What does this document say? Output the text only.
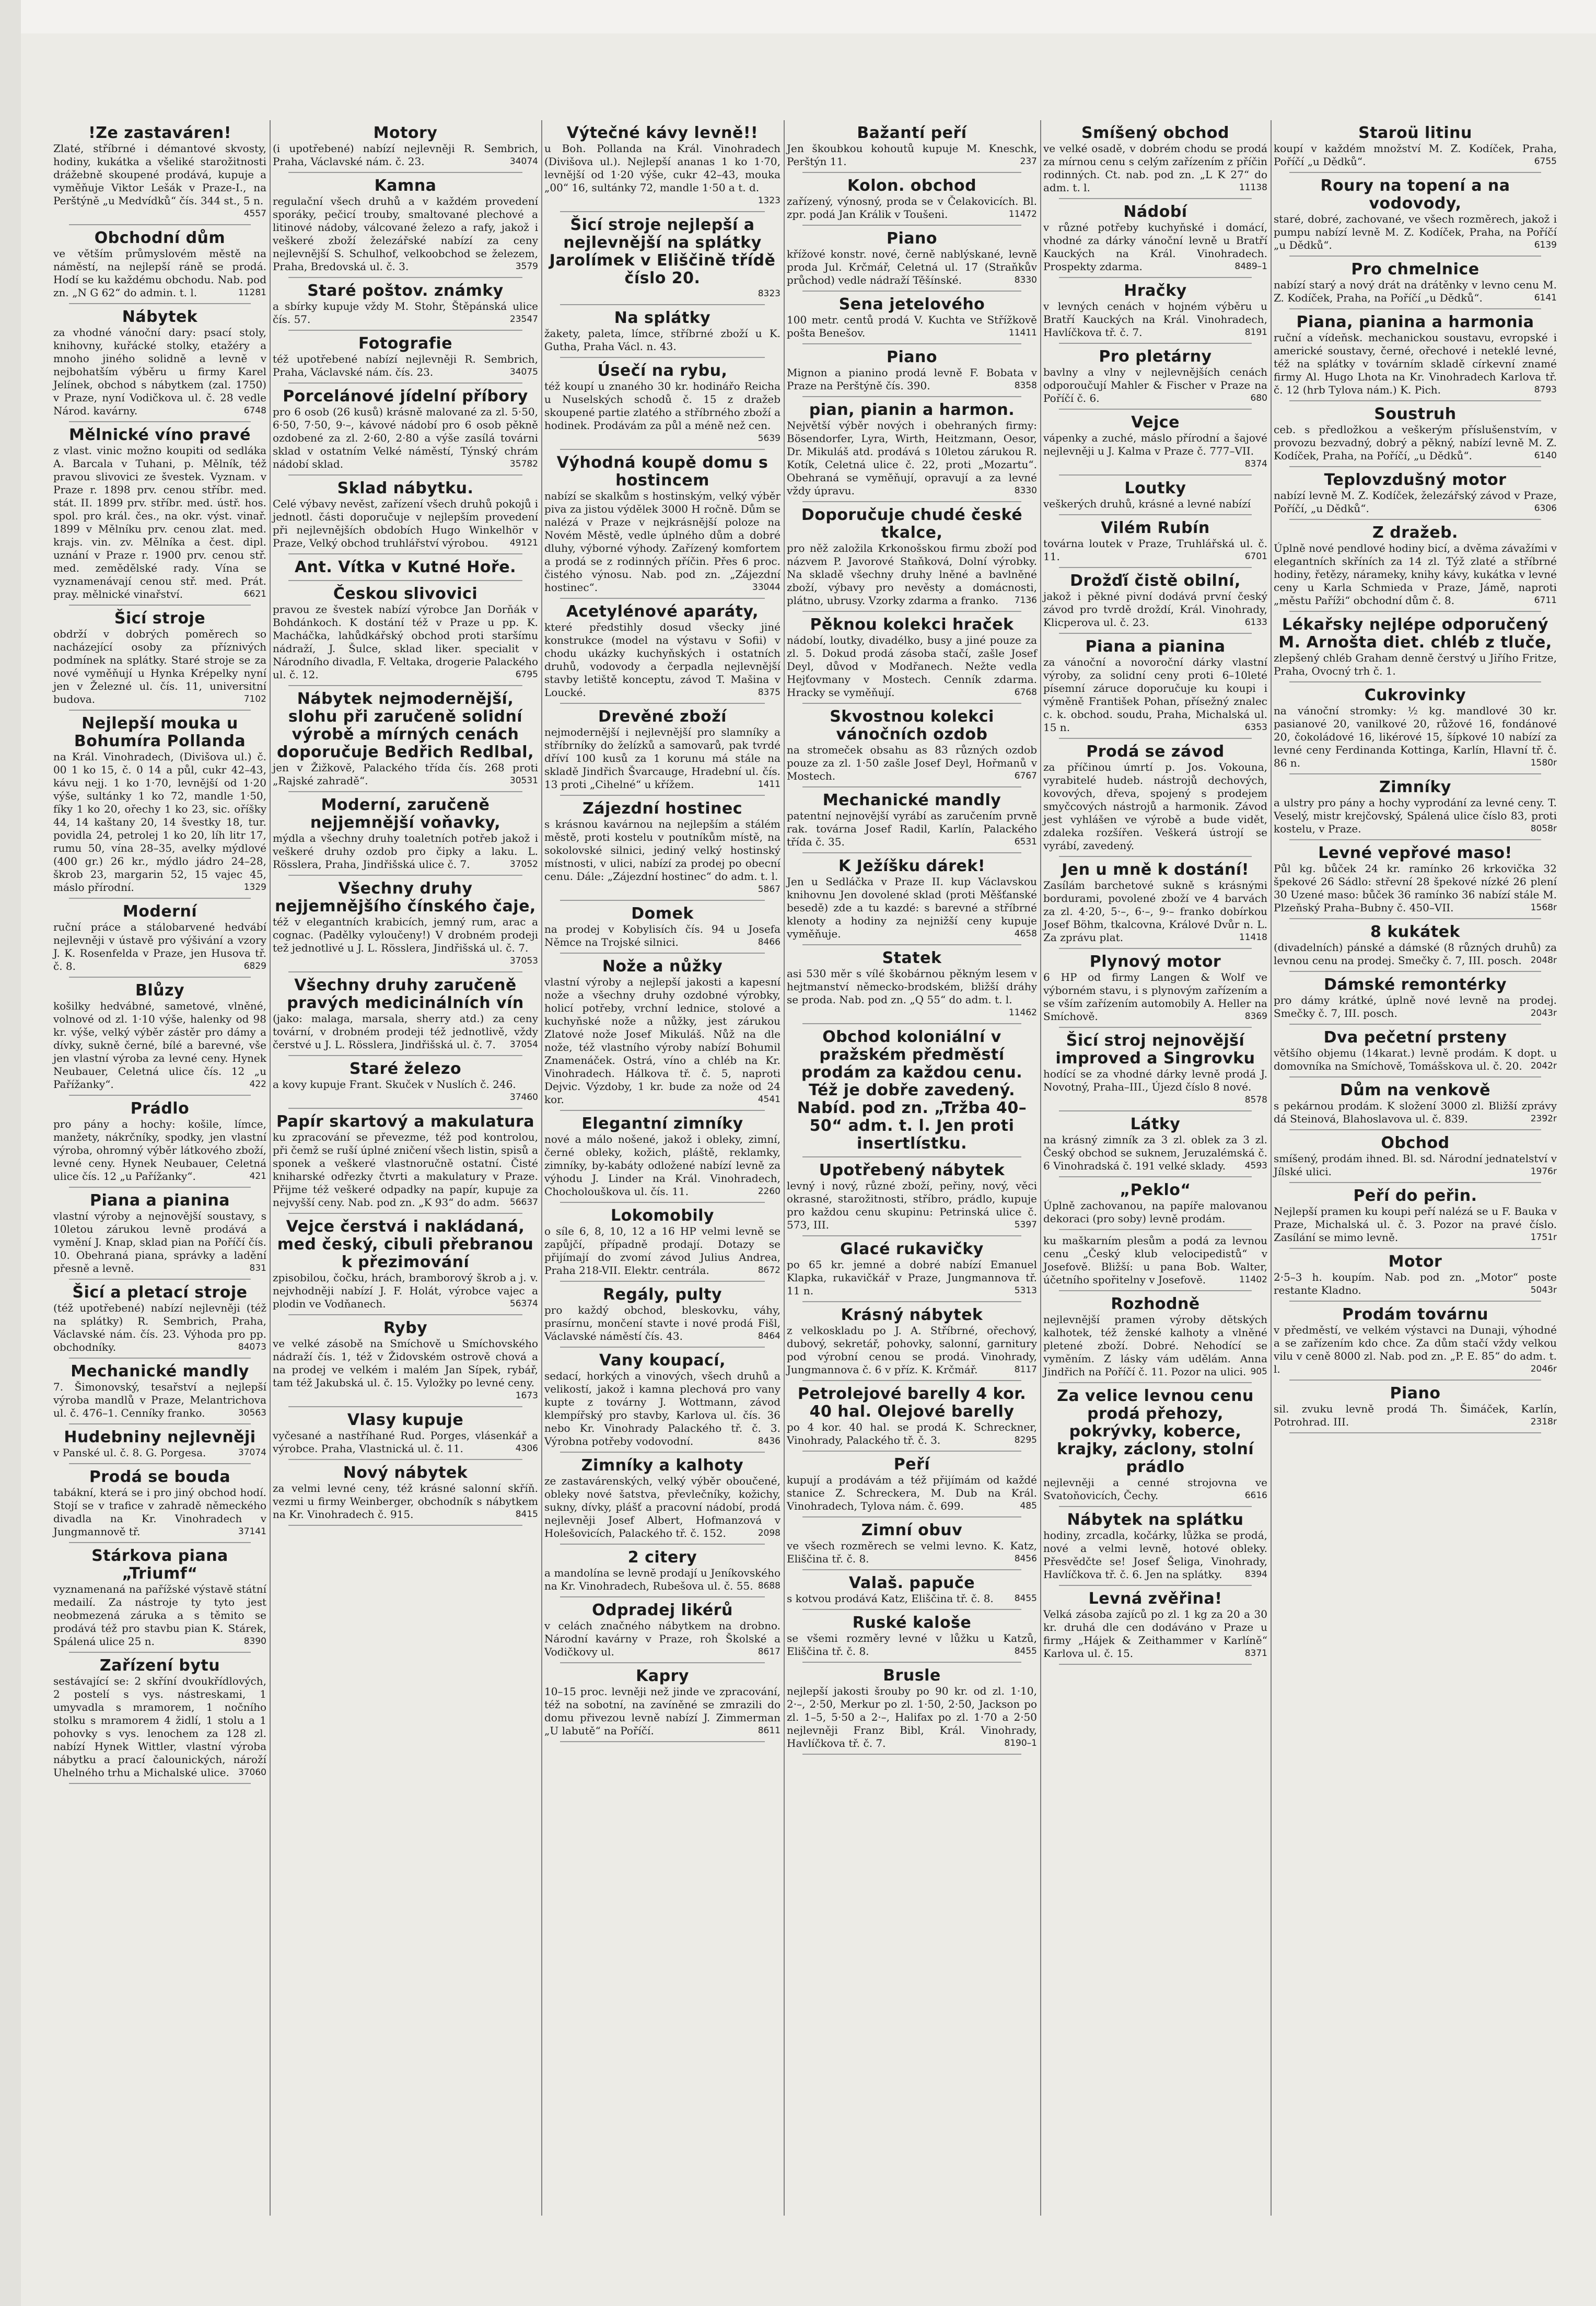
!Ze zastaváren!
Zlaté, stříbrné i démantové skvosty, hodiny, kukátka a všeliké starožitnosti drážebně skoupené prodává, kupuje a vyměňuje Viktor Lešák v Praze-I., na Perštýně „u Medvídků“ čís. 344 st., 5 n.
4557
Obchodní dům
ve větším průmyslovém městě na náměstí, na nejlepší ráně se prodá. Hodí se ku každému obchodu. Nab. pod zn. „N G 62“ do admin. t. l.	11281
Nábytek
za vhodné vánoční dary: psací stoly, knihovny, kuřácké stolky, etažéry a mnoho jiného solidně a levně v nejbohatším výběru u firmy Karel Jelínek, obchod s nábytkem (zal. 1750) v Praze, nyní Vodičkova ul. č. 28 vedle Národ. kavárny.	6748
Mělnické víno pravé
z vlast. vinic možno koupiti od sedláka A. Barcala v Tuhani, p. Mělník, též pravou slivovici ze švestek. Vyznam. v Praze r. 1898 prv. cenou stříbr. med. stát. II. 1899 prv. stříbr. med. ústř. hos. spol. pro král. čes., na okr. výst. vinař. 1899 v Mělníku prv. cenou zlat. med. krajs. vin. zv. Mělníka a čest. dipl. uznání v Praze r. 1900 prv. cenou stř. med. zemědělské rady. Vína se vyznamenávají cenou stř. med. Prát. pray. mělnické vinařství.	6621
Šicí stroje
obdrží v dobrých poměrech so nacházející osoby za příznivých podmínek na splátky. Staré stroje se za nové vyměňují u Hynka Krépelky nyní jen v Železné ul. čís. 11, universitní budova.	7102
Nejlepší mouka u Bohumíra Pollanda
na Král. Vinohradech, (Divišova ul.) č. 00 1 ko 15, č. 0 14 a půl, cukr 42–43, kávu nejj. 1 ko 1·70, levnější od 1·20 výše, sultánky 1 ko 72, mandle 1·50, fíky 1 ko 20, ořechy 1 ko 23, sic. oříšky 44, 14 kaštany 20, 14 švestky 18, tur. povidla 24, petrolej 1 ko 20, líh litr 17, rumu 50, vína 28–35, avelky mýdlové (400 gr.) 26 kr., mýdlo jádro 24–28, škrob 23, margarin 52, 15 vajec 45, máslo přírodní.	1329
Moderní
ruční práce a stálobarvené hedvábí nejlevněji v ústavě pro výšivání a vzory J. K. Rosenfelda v Praze, jen Husova tř. č. 8.	6829
Blůzy
košilky hedvábné, sametové, vlněné, volnové od zl. 1·10 výše, halenky od 98 kr. výše, velký výběr zástěr pro dámy a dívky, sukně černé, bílé a barevné, vše jen vlastní výroba za levné ceny. Hynek Neubauer, Celetná ulice čís. 12 „u Pařížanky“.	422
Prádlo
pro pány a hochy: košile, límce, manžety, nákrčníky, spodky, jen vlastní výroba, ohromný výběr látkového zboží, levné ceny. Hynek Neubauer, Celetná ulice čís. 12 „u Pařížanky“.	421
Piana a pianina
vlastní výroby a nejnovější soustavy, s 10letou zárukou levně prodává a vymění J. Knap, sklad pian na Poříčí čís. 10. Obehraná piana, správky a ladění přesně a levně.	831
Šicí a pletací stroje
(též upotřebené) nabízí nejlevněji (též na splátky) R. Sembrich, Praha, Václavské nám. čís. 23. Výhoda pro pp. obchodníky.	84073
Mechanické mandly
7. Šimonovský, tesařství a nejlepší výroba mandlů v Praze, Melantrichova ul. č. 476–1. Cenníky franko.	30563
Hudebniny nejlevněji
v Panské ul. č. 8. G. Porgesa.	37074
Prodá se bouda
tabákní, která se i pro jiný obchod hodí. Stojí se v trafice v zahradě německého divadla na Kr. Vinohradech v Jungmannově tř.	37141
Stárkova piana „Triumf“
vyznamenaná na pařížské výstavě státní medailí. Za nástroje ty tyto jest neobmezená záruka a s těmito se prodává též pro stavbu pian K. Stárek, Spálená ulice 25 n.	8390
Zařízení bytu
sestávající se: 2 skříní dvoukřídlových, 2 postelí s vys. nástreskami, 1 umyvadla s mramorem, 1 nočního stolku s mramorem 4 židlí, 1 stolu a 1 pohovky s vys. lenochem za 128 zl. nabízí Hynek Wittler, vlastní výroba nábytku a prací čalounických, nároží Uhelného trhu a Michalské ulice. 37060
Motory
(i upotřebené) nabízí nejlevněji R. Sembrich, Praha, Václavské nám. č. 23.	34074
Kamna
regulační všech druhů a v každém provedení sporáky, pečicí trouby, smaltované plechové a litinové nádoby, válcované železo a rafy, jakož i veškeré zboží železářské nabízí za ceny nejlevnější S. Schulhof, velkoobchod se železem, Praha, Bredovská ul. č. 3.	3579
Staré poštov. známky
a sbírky kupuje vždy M. Stohr, Štěpánská ulice čís. 57.	23547
Fotografie
též upotřebené nabízí nejlevněji R. Sembrich, Praha, Václavské nám. čís. 23.	34075
Porcelánové jídelní příbory
pro 6 osob (26 kusů) krásně malované za zl. 5·50, 6·50, 7·50, 9·–, kávové nádobí pro 6 osob pěkně ozdobené za zl. 2·60, 2·80 a výše zasílá továrni sklad v ostatním Velké náměstí, Týnský chrám nádobí sklad.	35782
Sklad nábytku.
Celé výbavy nevěst, zařízení všech druhů pokojů i jednotl. části doporučuje v nejlepším provedení při nejlevnějších obdobích Hugo Winkelhör v Praze, Velký obchod truhlářství výrobou. 49121
Ant. Vítka v Kutné Hoře.
Českou slivovici
pravou ze švestek nabízí výrobce Jan Dorňák v Bohdánkoch. K dostání též v Praze u pp. K. Macháčka, lahůdkářský obchod proti staršímu nádraží, J. Šulce, sklad liker. specialit v Národního divadla, F. Veltaka, drogerie Palackého ul. č. 12.	6795
Nábytek nejmodernější, slohu při zaručeně solidní výrobě a mírných cenách doporučuje Bedřich Redlbal,
jen v Žižkově, Palackého třída čís. 268 proti „Rajské zahradě“.	30531
Moderní, zaručeně nejjemnější voňavky,
mýdla a všechny druhy toaletních potřeb jakož i veškeré druhy ozdob pro čipky a laku. L. Rösslera, Praha, Jindřišská ulice č. 7.	37052
Všechny druhy nejjemnějšího čínského čaje,
též v elegantních krabicích, jemný rum, arac a cognac. (Padělky vyloučeny!) V drobném prodeji tež jednotlivé u J. L. Rösslera, Jindřišská ul. č. 7.
37053
Všechny druhy zaručeně pravých medicinálních vín
(jako: malaga, marsala, sherry atd.) za ceny tovární, v drobném prodeji též jednotlivě, vždy čerstvé u J. L. Rösslera, Jindřišská ul. č. 7. 37054
Staré železo
a kovy kupuje Frant. Skuček v Nuslích č. 246.
37460
Papír skartový a makulatura
ku zpracování se převezme, též pod kontrolou, při čemž se ruší úplné zničení všech listin, spisů a sponek a veškeré vlastnoručně ostatní. Čisté kniharské odřezky čtvrti a makulatury v Praze. Přijme též veškeré odpadky na papír, kupuje za nejvyšší ceny. Nab. pod zn. „K 93“ do adm. 56637
Vejce čerstvá i nakládaná, med český, cibuli přebranou k přezimování
zpisobilou, čočku, hrách, bramborový škrob a j. v. nejvhodněji nabízí J. F. Holát, výrobce vajec a plodin ve Vodňanech.	56374
Ryby
ve velké zásobě na Smíchově u Smíchovského nádraží čís. 1, též v Židovském ostrově chová a na prodej ve velkém i malém Jan Sípek, rybář, tam též Jakubská ul. č. 15. Vyložky po levné ceny.
1673
Vlasy kupuje
vyčesané a nastříhané Rud. Porges, vlásenkář a výrobce. Praha, Vlastnická ul. č. 11.	4306
Nový nábytek
za velmi levné ceny, též krásné salonní skříň. vezmi u firmy Weinberger, obchodník s nábytkem na Kr. Vinohradech č. 915.	8415
Výtečné kávy levně!!
u Boh. Pollanda na Král. Vinohradech (Divišova ul.). Nejlepší ananas 1 ko 1·70, levnější od 1·20 výše, cukr 42–43, mouka „00“ 16, sultánky 72, mandle 1·50 a t. d.
1323
Šicí stroje nejlepší a nejlevnější na splátky Jarolímek v Eliščině třídě číslo 20.
8323
Na splátky
žakety, paleta, límce, stříbrné zboží u K. Gutha, Praha Václ. n. 43.
Úsečí na rybu,
též koupí u znaného 30 kr. hodinářo Reicha u Nuselských schodů č. 15 z dražeb skoupené partie zlatého a stříbrného zboží a hodinek. Prodávám za půl a méně než cen.
5639
Výhodná koupě domu s hostincem
nabízí se skalkům s hostinským, velký výběr piva za jistou výdělek 3000 H ročně. Dům se nalézá v Praze v nejkrásnější poloze na Novém Městě, vedle úplného dům a dobré dluhy, výborné výhody. Zařízený komfortem a prodá se z rodinných příčin. Přes 6 proc. čistého výnosu. Nab. pod zn. „Zájezdní hostinec“.	33044
Acetylénové aparáty,
které předstihly dosud všecky jiné konstrukce (model na výstavu v Sofii) v chodu ukázky kuchyňských i ostatních druhů, vodovody a čerpadla nejlevnější stavby letiště konceptu, závod T. Mašina v Loucké.	8375
Drevěné zboží
nejmodernější i nejlevnější pro slamníky a stříbrníky do želízků a samovarů, pak tvrdé dříví 100 kusů za 1 korunu má stále na skladě Jindřich Švarcauge, Hradební ul. čís. 13 proti „Cihelné“ u křížem.	1411
Zájezdní hostinec
s krásnou kavárnou na nejlepším a stálém městě, proti kostelu v poutníkům místě, na sokolovské silnici, jediný velký hostinský místnosti, v ulici, nabízí za prodej po obecní cenu. Dále: „Zájezdní hostinec“ do adm. t. l.
5867
Domek
na prodej v Kobylisích čís. 94 u Josefa Němce na Trojské silnici.	8466
Nože a nůžky
vlastní výroby a nejlepší jakosti a kapesní nože a všechny druhy ozdobné výrobky, holicí potřeby, vrchní lednice, stolové a kuchyňské nože a nůžky, jest zárukou Zlatové nože Josef Mikuláš. Nůž na dle nože, též vlastního výroby nabízí Bohumil Znamenáček. Ostrá, víno a chléb na Kr. Vinohradech. Hálkova tř. č. 5, naproti Dejvic. Výzdoby, 1 kr. bude za nože od 24 kor.	4541
Elegantní zimníky
nové a málo nošené, jakož i obleky, zimní, černé obleky, kožich, pláště, reklamky, zimníky, by-kabáty odložené nabízí levně za výhodu J. Linder na Král. Vinohradech, Chocholouškova ul. čís. 11.	2260
Lokomobily
o síle 6, 8, 10, 12 a 16 HP velmi levně se zapůjčí, případně prodají. Dotazy se přijímají do zvomí závod Julius Andrea, Praha 218-VII. Elektr. centrála.	8672
Regály, pulty
pro každý obchod, bleskovku, váhy, prasírnu, mončení stavte i nové prodá Fišl, Václavské náměstí čís. 43.	8464
Vany koupací,
sedací, horkých a vinových, všech druhů a velikostí, jakož i kamna plechová pro vany kupte z továrny J. Wottmann, závod klempířský pro stavby, Karlova ul. čís. 36 nebo Kr. Vinohrady Palackého tř. č. 3. Výrobna potřeby vodovodní.	8436
Zimníky a kalhoty
ze zastavárenských, velký výběr oboučené, obleky nové šatstva, převlečníky, kožichy, sukny, dívky, plášť a pracovní nádobí, prodá nejlevněji Josef Albert, Hofmanzová v Holešovicích, Palackého tř. č. 152.	2098
2 citery
a mandolína se levně prodají u Jeníkovského na Kr. Vinohradech, Rubešova ul. č. 55. 8688
Odpradej likérů
v celách značného nábytkem na drobno. Národní kavárny v Praze, roh Školské a Vodičkovy ul.	8617
Kapry
10–15 proc. levněji než jinde ve zpracování, též na sobotní, na zavíněné se zmrazili do domu přivezou levně nabízí J. Zimmerman „U labutě“ na Poříčí.	8611
Bažantí peří
Jen škoubkou kohoutů kupuje M. Kneschk, Perštýn 11.	237
Kolon. obchod
zařízený, výnosný, proda se v Čelakovicích. Bl. zpr. podá Jan Králik v Toušeni.	11472
Piano
křížové konstr. nové, černě nablýskané, levně proda Jul. Krčmář, Celetná ul. 17 (Straňkův průchod) vedle nádraží Těšínské.	8330
Sena jetelového
100 metr. centů prodá V. Kuchta ve Střížkově pošta Benešov.	11411
Piano
Mignon a pianino prodá levně F. Bobata v Praze na Perštýně čís. 390.	8358
pian, pianin a harmon.
Největší výběr nových i obehraných firmy: Bösendorfer, Lyra, Wirth, Heitzmann, Oesor, Dr. Mikuláš atd. prodává s 10letou zárukou R. Kotík, Celetná ulice č. 22, proti „Mozartu“. Obehraná se vyměňují, opravují a za levné vždy úpravu.	8330
Doporučuje chudé české tkalce,
pro něž založila Krkonošskou firmu zboží pod názvem P. Javorové Staňková, Dolní výrobky. Na skladě všechny druhy lněné a bavlněné zboží, výbavy pro nevěsty a domácnosti, plátno, ubrusy. Vzorky zdarma a franko. 7136
Pěknou kolekci hraček
nádobí, loutky, divadélko, busy a jiné pouze za zl. 5. Dokud prodá zásoba stačí, zašle Josef Deyl, důvod v Modřanech. Nežte vedla Hejťovmany v Mostech. Cenník zdarma. Hracky se vyměňují.	6768
Skvostnou kolekci vánočních ozdob
na stromeček obsahu as 83 různých ozdob pouze za zl. 1·50 zašle Josef Deyl, Hořmanů v Mostech.	6767
Mechanické mandly
patentní nejnovější vyrábí as zaručením prvně rak. továrna Josef Radil, Karlín, Palackého třída č. 35.	6531
K Ježíšku dárek!
Jen u Sedláčka v Praze II. kup Václavskou knihovnu Jen dovolené sklad (proti Měšťanské besedě) zde a tu kazdé: s barevné a stříbrné klenoty a hodiny za nejnižší ceny kupuje vyměňuje.	4658
Statek
asi 530 měr s vílé škobárnou pěkným lesem v hejtmanství německo-brodském, bližší dráhy se proda. Nab. pod zn. „Q 55“ do adm. t. l.
11462
Obchod koloniální v pražském předměstí prodám za každou cenu. Též je dobře zavedený. Nabíd. pod zn. „Tržba 40–50“ adm. t. l. Jen proti insertlístku.
Upotřebený nábytek
levný i nový, různé zboží, peřiny, nový, věci okrasné, starožitnosti, stříbro, prádlo, kupuje pro každou cenu skupinu: Petrinská ulice č. 573, III.	5397
Glacé rukavičky
po 65 kr. jemné a dobré nabízí Emanuel Klapka, rukavičkář v Praze, Jungmannova tř. 11 n.	5313
Krásný nábytek
z velkoskladu po J. A. Stříbrné, ořechový, dubový, sekretář, pohovky, salonní, garnitury pod výrobní cenou se prodá. Vinohrady, Jungmannova č. 6 v příz. K. Krčmář.	8117
Petrolejové barelly 4 kor. 40 hal. Olejové barelly
po 4 kor. 40 hal. se prodá K. Schreckner, Vinohrady, Palackého tř. č. 3.	8295
Peří
kupují a prodávám a též přijímám od každé stanice Z. Schreckera, M. Dub na Král. Vinohradech, Tylova nám. č. 699.	485
Zimní obuv
ve všech rozměrech se velmi levno. K. Katz, Eliščina tř. č. 8.	8456
Valaš. papuče
s kotvou prodává Katz, Eliščina tř. č. 8. 8455
Ruské kaloše
se všemi rozměry levné v lůžku u Katzů, Eliščina tř. č. 8.	8455
Brusle
nejlepší jakosti šrouby po 90 kr. od zl. 1·10, 2·–, 2·50, Merkur po zl. 1·50, 2·50, Jackson po zl. 1–5, 5·50 a 2·–, Halifax po zl. 1·70 a 2·50 nejlevněji Franz Bibl, Král. Vinohrady, Havlíčkova tř. č. 7.	8190–1
Smíšený obchod
ve velké osadě, v dobrém chodu se prodá za mírnou cenu s celým zařízením z příčin rodinných. Ct. nab. pod zn. „L K 27“ do adm. t. l.	11138
Nádobí
v různé potřeby kuchyňské i domácí, vhodné za dárky vánoční levně u Bratří Kauckých na Král. Vinohradech. Prospekty zdarma.	8489–1
Hračky
v levných cenách v hojném výběru u Bratří Kauckých na Král. Vinohradech, Havlíčkova tř. č. 7.	8191
Pro pletárny
bavlny a vlny v nejlevnějších cenách odporoučují Mahler & Fischer v Praze na Poříčí č. 6.	680
Vejce
vápenky a zuché, máslo přírodní a šajové nejlevněji u J. Kalma v Praze č. 777–VII.
8374
Loutky
veškerých druhů, krásné a levné nabízí
Vilém Rubín
továrna loutek v Praze, Truhlářská ul. č. 11.	6701
Drožďí čistě obilní,
jakož i pěkné pivní dodává první český závod pro tvrdě droždí, Král. Vinohrady, Klicperova ul. č. 23.	6133
Piana a pianina
za vánoční a novoroční dárky vlastní výroby, za solidní ceny proti 6–10leté písemní záruce doporučuje ku koupi i výměně František Pohan, přísežný znalec c. k. obchod. soudu, Praha, Michalská ul. 15 n.	6353
Prodá se závod
za příčinou úmrtí p. Jos. Vokouna, vyrabitelé hudeb. nástrojů dechových, kovových, dřeva, spojený s prodejem smyčcových nástrojů a harmonik. Závod jest vyhlášen ve výrobě a bude vidět, zdaleka rozšířen. Veškerá ústrojí se vyrábí, zavedený.
Jen u mně k dostání!
Zasílám barchetové sukně s krásnými bordurami, povolené zboží ve 4 barvách za zl. 4·20, 5·–, 6·–, 9·– franko dobírkou Josef Böhm, tkalcovna, Králové Dvůr n. L. Za zprávu plat.	11418
Plynový motor
6 HP od firmy Langen & Wolf ve výborném stavu, i s plynovým zařízením a se vším zařízením automobily A. Heller na Smíchově.	8369
Šicí stroj nejnovější improved a Singrovku
hodící se za vhodné dárky levně prodá J. Novotný, Praha–III., Újezd číslo 8 nové.
8578
Látky
na krásný zimník za 3 zl. oblek za 3 zl. Český obchod se suknem, Jeruzalémská č. 6 Vinohradská č. 191 velké sklady. 4593
„Peklo“
Úplně zachovanou, na papíře malovanou dekoraci (pro soby) levně prodám.
ku maškarním plesům a podá za levnou cenu „Český klub velocipedistů“ v Josefově. Bližší: u pana Bob. Walter, účetního spořitelny v Josefově.	11402
Rozhodně
nejlevnější pramen výroby dětských kalhotek, též ženské kalhoty a vlněné pletené zboží. Dobré. Nehodící se vyměním. Z lásky vám udělám. Anna Jindřich na Poříčí č. 11. Pozor na ulici. 905
Za velice levnou cenu prodá přehozy, pokrývky, koberce, krajky, záclony, stolní prádlo
nejlevněji a cenné strojovna ve Svatoňovicích, Čechy.	6616
Nábytek na splátku
hodiny, zrcadla, kočárky, lůžka se prodá, nové a velmi levně, hotové obleky. Přesvědčte se! Josef Šeliga, Vinohrady, Havlíčkova tř. č. 6. Jen na splátky.	8394
Levná zvěřina!
Velká zásoba zajíců po zl. 1 kg za 20 a 30 kr. druhá dle cen dodáváno v Praze u firmy „Hájek & Zeithammer v Karlíně“ Karlova ul. č. 15.	8371
Staroü litinu
koupí v každém množství M. Z. Kodíček, Praha, Poříčí „u Dědků“.	6755
Roury na topení a na vodovody,
staré, dobré, zachované, ve všech rozměrech, jakož i pumpu nabízí levně M. Z. Kodíček, Praha, na Poříčí „u Dědků“.	6139
Pro chmelnice
nabízí starý a nový drát na drátěnky v levno cenu M. Z. Kodíček, Praha, na Poříčí „u Dědků“.	6141
Piana, pianina a harmonia
ruční a vídeňsk. mechanickou soustavu, evropské i americké soustavy, černé, ořechové i neteklé levné, též na splátky v továrním skladě církevní znamé firmy Al. Hugo Lhota na Kr. Vinohradech Karlova tř. č. 12 (hrb Tylova nám.) K. Pich.	8793
Soustruh
ceb. s předložkou a veškerým příslušenstvím, v provozu bezvadný, dobrý a pěkný, nabízí levně M. Z. Kodíček, Praha, na Poříčí, „u Dědků“.	6140
Teplovzdušný motor
nabízí levně M. Z. Kodíček, železářský závod v Praze, Poříčí, „u Dědků“.	6306
Z dražeb.
Úplně nové pendlové hodiny bicí, a dvěma závažími v elegantních skříních za 14 zl. Týž zlaté a stříbrné hodiny, řetězy, nárameky, knihy kávy, kukátka v levné ceny u Karla Schmieda v Praze, Jámě, naproti „městu Paříži“ obchodní dům č. 8.	6711
Lékařsky nejlépe odporučený M. Arnošta diet. chléb z tluče,
zlepšený chléb Graham denně čerstvý u Jiřího Fritze, Praha, Ovocný trh č. 1.
Cukrovinky
na vánoční stromky: ½ kg. mandlové 30 kr. pasianové 20, vanilkové 20, růžové 16, fondánové 20, čokoládové 16, likérové 15, šípkové 10 nabízí za levné ceny Ferdinanda Kottinga, Karlín, Hlavní tř. č. 86 n.	1580r
Zimníky
a ulstry pro pány a hochy vyprodání za levné ceny. T. Veselý, mistr krejčovský, Spálená ulice číslo 83, proti kostelu, v Praze.	8058r
Levné vepřové maso!
Půl kg. bůček 24 kr. ramínko 26 krkovička 32 špekové 26 Sádlo: střevní 28 špekové nízké 26 plení 30 Uzené maso: bůček 36 ramínko 36 nabízí stále M. Plzeňský Praha–Bubny č. 450–VII.	1568r
8 kukátek
(divadelních) pánské a dámské (8 různých druhů) za levnou cenu na prodej. Smečky č. 7, III. posch. 2048r
Dámské remontérky
pro dámy krátké, úplně nové levně na prodej. Smečky č. 7, III. posch.	2043r
Dva pečetní prsteny
většího objemu (14karat.) levně prodám. K dopt. u domovníka na Smíchově, Tomášskova ul. č. 20. 2042r
Dům na venkově
s pekárnou prodám. K složení 3000 zl. Bližší zprávy dá Steinová, Blahoslavova ul. č. 839.	2392r
Obchod
smíšený, prodám ihned. Bl. sd. Národní jednatelství v Jílské ulici.	1976r
Peří do peřin.
Nejlepší pramen ku koupi peří nalézá se u F. Bauka v Praze, Michalská ul. č. 3. Pozor na pravé číslo. Zasílání se mimo levně.	1751r
Motor
2·5–3 h. koupím. Nab. pod zn. „Motor“ poste restante Kladno.	5043r
Prodám továrnu
v předměstí, ve velkém výstavci na Dunaji, výhodné a se zařízením kdo chce. Za dům stačí vždy velkou vilu v ceně 8000 zl. Nab. pod zn. „P. E. 85“ do adm. t. l.	2046r
Piano
sil. zvuku levně prodá Th. Šimáček, Karlín, Potrohrad. III.	2318r
